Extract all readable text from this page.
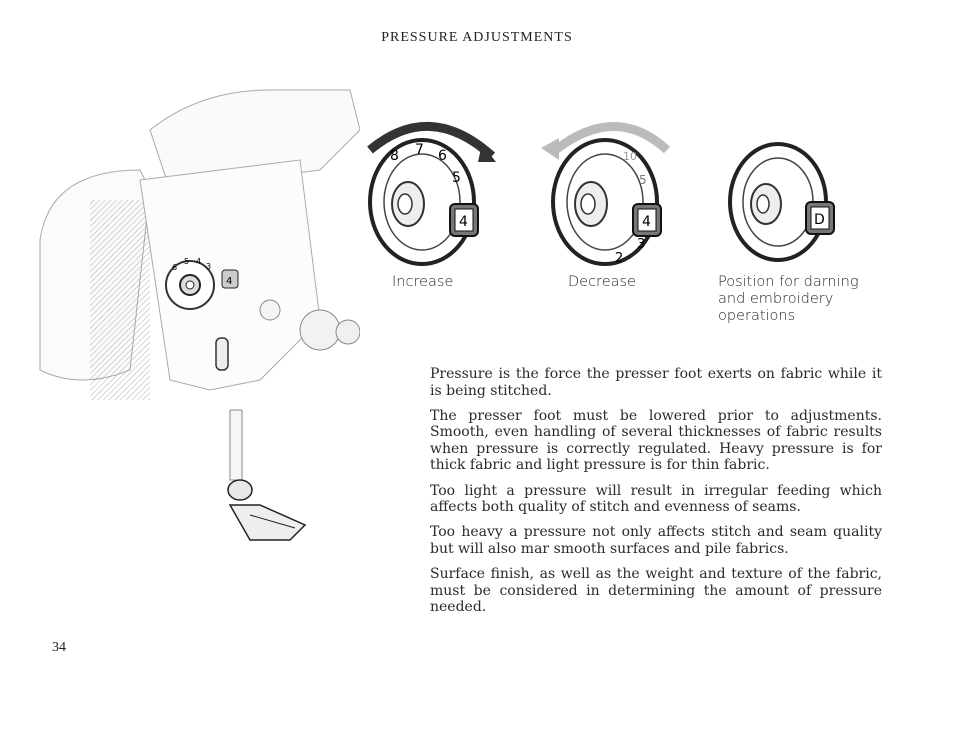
PRESSURE ADJUSTMENTS
4
6
5 4
3
8 7 6
5
4
Increase
10
5
3
2
4
Decrease
D
Position for darning
and embroidery
operations

Pressure is the force the presser foot exerts on fabric while it is being stitched.

The presser foot must be lowered prior to adjustments. Smooth, even handling of several thicknesses of fabric results when pressure is correctly regulated. Heavy pressure is for thick fabric and light pressure is for thin fabric.

Too light a pressure will result in irregular feeding which affects both quality of stitch and evenness of seams.

Too heavy a pressure not only affects stitch and seam quality but will also mar smooth surfaces and pile fabrics.

Surface finish, as well as the weight and texture of the fabric, must be considered in determining the amount of pressure needed.

34
